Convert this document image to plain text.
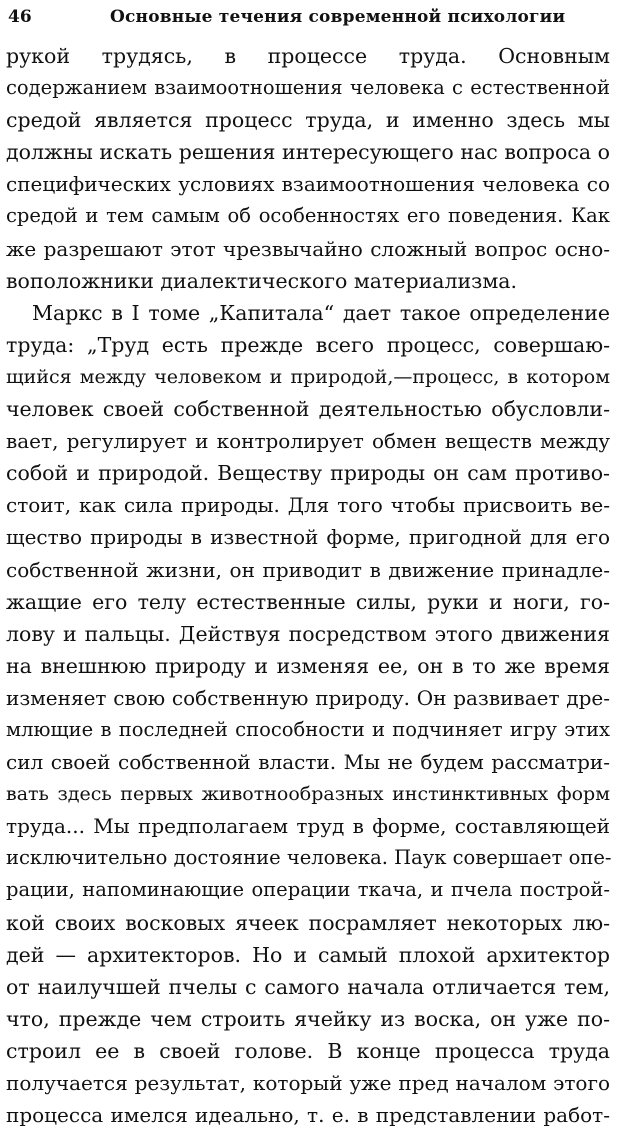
46	Основные течения современной психологии
рукой трудясь, в процессе труда. Основным
содержанием взаимоотношения человека с естественной
средой является процесс труда, и именно здесь мы
должны искать решения интересующего нас вопроса о
специфических условиях взаимоотношения человека со
средой и тем самым об особенностях его поведения. Как
же разрешают этот чрезвычайно сложный вопрос осно-
воположники диалектического материализма.
Маркс в I томе „Капитала“ дает такое определение
труда: „Труд есть прежде всего процесс, совершаю-
щийся между человеком и природой,—процесс, в котором
человек своей собственной деятельностью обусловли-
вает, регулирует и контролирует обмен веществ между
собой и природой. Веществу природы он сам противо-
стоит, как сила природы. Для того чтобы присвоить ве-
щество природы в известной форме, пригодной для его
собственной жизни, он приводит в движение принадле-
жащие его телу естественные силы, руки и ноги, го-
лову и пальцы. Действуя посредством этого движения
на внешнюю природу и изменяя ее, он в то же время
изменяет свою собственную природу. Он развивает дре-
млющие в последней способности и подчиняет игру этих
сил своей собственной власти. Мы не будем рассматри-
вать здесь первых животнообразных инстинктивных форм
труда... Мы предполагаем труд в форме, составляющей
исключительно достояние человека. Паук совершает опе-
рации, напоминающие операции ткача, и пчела построй-
кой своих восковых ячеек посрамляет некоторых лю-
дей — архитекторов. Но и самый плохой архитектор
от наилучшей пчелы с самого начала отличается тем,
что, прежде чем строить ячейку из воска, он уже по-
строил ее в своей голове. В конце процесса труда
получается результат, который уже пред началом этого
процесса имелся идеально, т. е. в представлении работ-
